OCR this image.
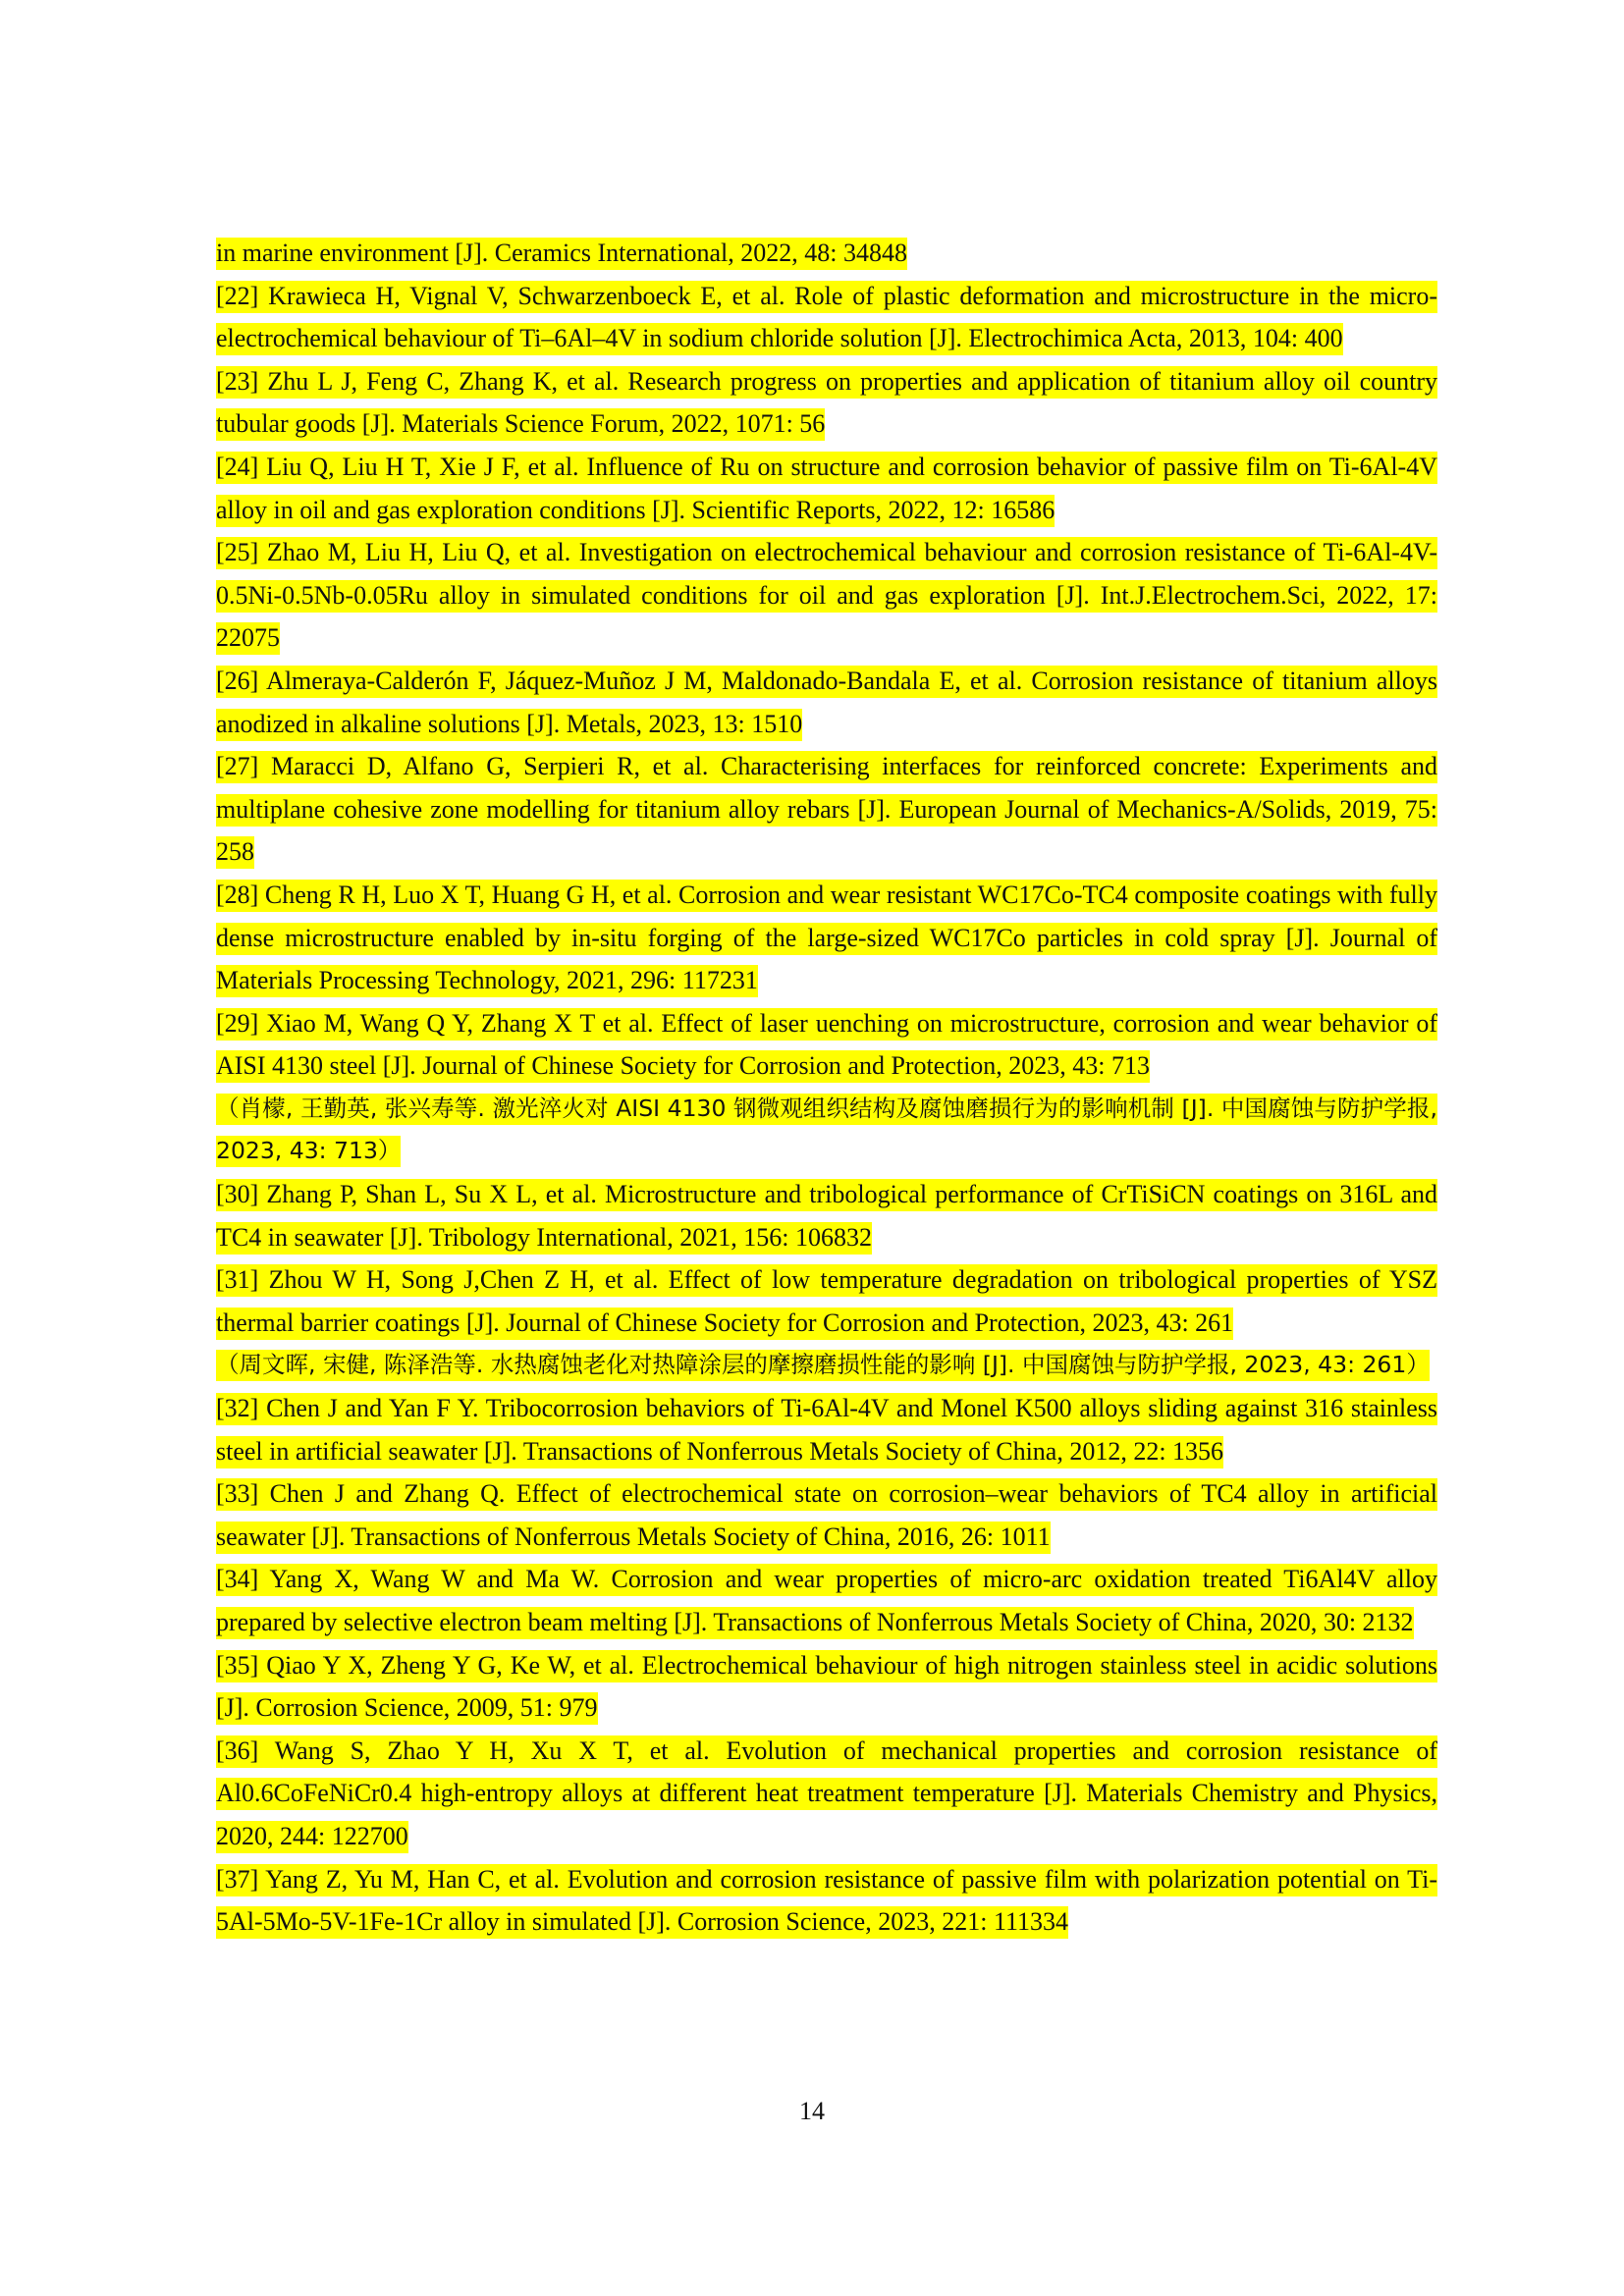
in marine environment [J]. Ceramics International, 2022, 48: 34848

[22] Krawieca H, Vignal V, Schwarzenboeck E, et al. Role of plastic deformation and microstructure in the micro-electrochemical behaviour of Ti–6Al–4V in sodium chloride solution [J]. Electrochimica Acta, 2013, 104: 400

[23] Zhu L J, Feng C, Zhang K, et al. Research progress on properties and application of titanium alloy oil country tubular goods [J]. Materials Science Forum, 2022, 1071: 56

[24] Liu Q, Liu H T, Xie J F, et al. Influence of Ru on structure and corrosion behavior of passive film on Ti-6Al-4V alloy in oil and gas exploration conditions [J]. Scientific Reports, 2022, 12: 16586

[25] Zhao M, Liu H, Liu Q, et al. Investigation on electrochemical behaviour and corrosion resistance of Ti-6Al-4V-0.5Ni-0.5Nb-0.05Ru alloy in simulated conditions for oil and gas exploration [J]. Int.J.Electrochem.Sci, 2022, 17: 22075

[26] Almeraya-Calderón F, Jáquez-Muñoz J M, Maldonado-Bandala E, et al. Corrosion resistance of titanium alloys anodized in alkaline solutions [J]. Metals, 2023, 13: 1510

[27] Maracci D, Alfano G, Serpieri R, et al. Characterising interfaces for reinforced concrete: Experiments and multiplane cohesive zone modelling for titanium alloy rebars [J]. European Journal of Mechanics-A/Solids, 2019, 75: 258

[28] Cheng R H, Luo X T, Huang G H, et al. Corrosion and wear resistant WC17Co-TC4 composite coatings with fully dense microstructure enabled by in-situ forging of the large-sized WC17Co particles in cold spray [J]. Journal of Materials Processing Technology, 2021, 296: 117231

[29] Xiao M, Wang Q Y, Zhang X T et al. Effect of laser uenching on microstructure, corrosion and wear behavior of AISI 4130 steel [J]. Journal of Chinese Society for Corrosion and Protection, 2023, 43: 713

（肖檬, 王勤英, 张兴寿等. 激光淬火对 AISI 4130 钢微观组织结构及腐蚀磨损行为的影响机制 [J]. 中国腐蚀与防护学报, 2023, 43: 713）

[30] Zhang P, Shan L, Su X L, et al. Microstructure and tribological performance of CrTiSiCN coatings on 316L and TC4 in seawater [J]. Tribology International, 2021, 156: 106832

[31] Zhou W H, Song J,Chen Z H, et al. Effect of low temperature degradation on tribological properties of YSZ thermal barrier coatings [J]. Journal of Chinese Society for Corrosion and Protection, 2023, 43: 261

（周文晖, 宋健, 陈泽浩等. 水热腐蚀老化对热障涂层的摩擦磨损性能的影响 [J]. 中国腐蚀与防护学报, 2023, 43: 261）

[32] Chen J and Yan F Y. Tribocorrosion behaviors of Ti-6Al-4V and Monel K500 alloys sliding against 316 stainless steel in artificial seawater [J]. Transactions of Nonferrous Metals Society of China, 2012, 22: 1356

[33] Chen J and Zhang Q. Effect of electrochemical state on corrosion–wear behaviors of TC4 alloy in artificial seawater [J]. Transactions of Nonferrous Metals Society of China, 2016, 26: 1011

[34] Yang X, Wang W and Ma W. Corrosion and wear properties of micro-arc oxidation treated Ti6Al4V alloy prepared by selective electron beam melting [J]. Transactions of Nonferrous Metals Society of China, 2020, 30: 2132

[35] Qiao Y X, Zheng Y G, Ke W, et al. Electrochemical behaviour of high nitrogen stainless steel in acidic solutions [J]. Corrosion Science, 2009, 51: 979

[36] Wang S, Zhao Y H, Xu X T, et al. Evolution of mechanical properties and corrosion resistance of Al0.6CoFeNiCr0.4 high-entropy alloys at different heat treatment temperature [J]. Materials Chemistry and Physics, 2020, 244: 122700

[37] Yang Z, Yu M, Han C, et al. Evolution and corrosion resistance of passive film with polarization potential on Ti-5Al-5Mo-5V-1Fe-1Cr alloy in simulated [J]. Corrosion Science, 2023, 221: 111334

14
